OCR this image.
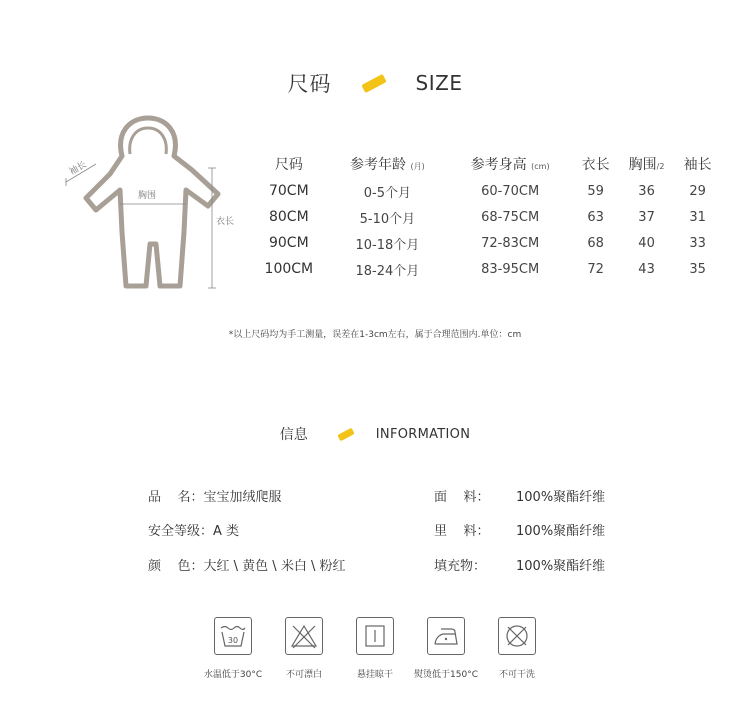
尺码	SIZE
袖长
胸围
衣长
尺码	参考年龄 (月)	参考身高 (cm)	衣长	胸围/2	袖长
70CM	0-5个月	60-70CM	59	36	29
80CM	5-10个月	68-75CM	63	37	31
90CM	10-18个月	72-83CM	68	40	33
100CM	18-24个月	83-95CM	72	43	35
*以上尺码均为手工测量，误差在1-3cm左右，属于合理范围内.单位：cm
信息	INFORMATION
品    名：宝宝加绒爬服
安全等级：A 类
颜    色：大红 \ 黄色 \ 米白 \ 粉红
面    料： 100%聚酯纤维
里    料： 100%聚酯纤维
填充物： 100%聚酯纤维
30
水温低于30°C	不可漂白	悬挂晾干	熨烫低于150°C	不可干洗
